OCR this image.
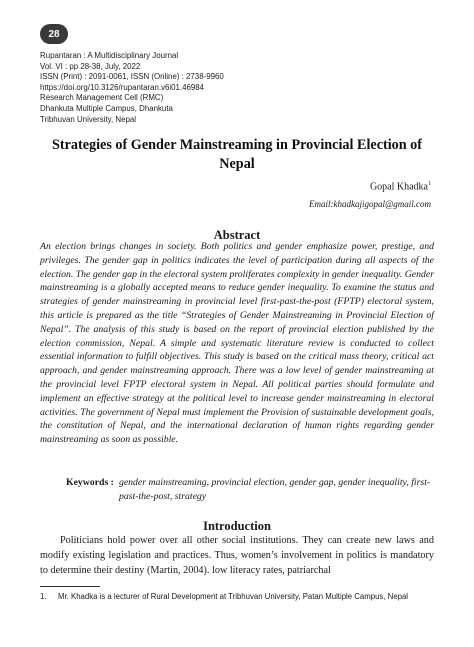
28
Rupantaran : A Multidisciplinary Journal
Vol. VI : pp 28-38, July, 2022
ISSN (Print) : 2091-0061, ISSN (Online) : 2738-9960
https://doi.org/10.3126/rupantaran.v6i01.46984
Research Management Cell (RMC)
Dhankuta Multiple Campus, Dhankuta
Tribhuvan University, Nepal
Strategies of Gender Mainstreaming in Provincial Election of Nepal
Gopal Khadka$^1$
Email:khadkajigopal@gmail.com
Abstract
An election brings changes in society. Both politics and gender emphasize power, prestige, and privileges. The gender gap in politics indicates the level of participation during all aspects of the election. The gender gap in the electoral system proliferates complexity in gender inequality. Gender mainstreaming is a globally accepted means to reduce gender inequality. To examine the status and strategies of gender mainstreaming in provincial level first-past-the-post (FPTP) electoral system, this article is prepared as the title “Strategies of Gender Mainstreaming in Provincial Election of Nepal”. The analysis of this study is based on the report of provincial election published by the election commission, Nepal. A simple and systematic literature review is conducted to collect essential information to fulfill objectives. This study is based on the critical mass theory, critical act approach, and gender mainstreaming approach. There was a low level of gender mainstreaming at the provincial level FPTP electoral system in Nepal. All political parties should formulate and implement an effective strategy at the political level to increase gender mainstreaming in electoral activities. The government of Nepal must implement the Provision of sustainable development goals, the constitution of Nepal, and the international declaration of human rights regarding gender mainstreaming as soon as possible.
Keywords : gender mainstreaming, provincial election, gender gap, gender inequality, first-past-the-post, strategy
Introduction
Politicians hold power over all other social institutions. They can create new laws and modify existing legislation and practices. Thus, women’s involvement in politics is mandatory to determine their destiny (Martin, 2004). low literacy rates, patriarchal
1.	Mr. Khadka is a lecturer of Rural Development at Tribhuvan University, Patan Multiple Campus, Nepal
